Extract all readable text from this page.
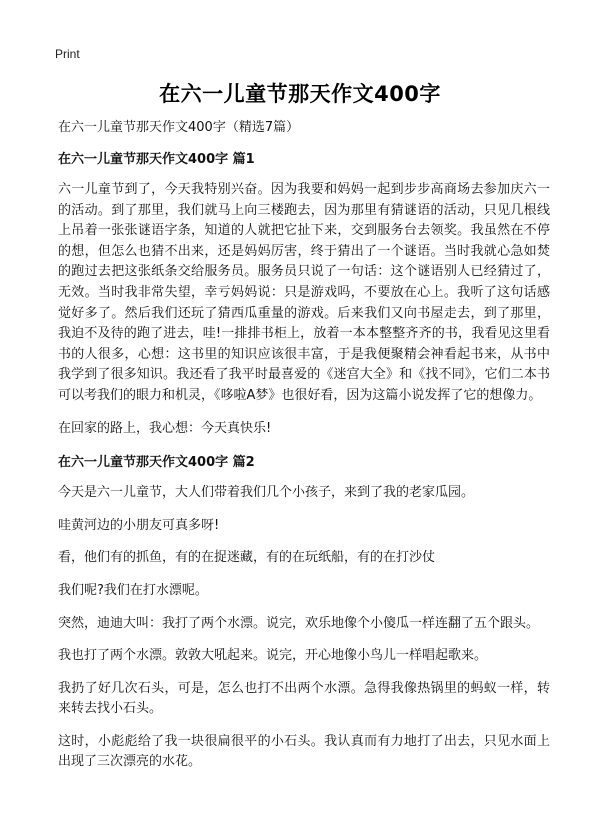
Print
在六一儿童节那天作文400字
在六一儿童节那天作文400字（精选7篇）
在六一儿童节那天作文400字 篇1
六一儿童节到了，今天我特别兴奋。因为我要和妈妈一起到步步高商场去参加庆六一的活动。到了那里，我们就马上向三楼跑去，因为那里有猜谜语的活动，只见几根线上吊着一张张谜语字条，知道的人就把它扯下来，交到服务台去领奖。我虽然在不停的想，但怎么也猜不出来，还是妈妈厉害，终于猜出了一个谜语。当时我就心急如焚的跑过去把这张纸条交给服务员。服务员只说了一句话：这个谜语别人已经猜过了，无效。当时我非常失望，幸亏妈妈说：只是游戏吗，不要放在心上。我听了这句话感觉好多了。然后我们还玩了猜西瓜重量的游戏。后来我们又向书屋走去，到了那里，我迫不及待的跑了进去，哇!一排排书柜上，放着一本本整整齐齐的书，我看见这里看书的人很多，心想：这书里的知识应该很丰富，于是我便聚精会神看起书来，从书中我学到了很多知识。我还看了我平时最喜爱的《迷宫大全》和《找不同》，它们二本书可以考我们的眼力和机灵，《哆啦A梦》也很好看，因为这篇小说发挥了它的想像力。
在回家的路上，我心想：今天真快乐!
在六一儿童节那天作文400字 篇2
今天是六一儿童节，大人们带着我们几个小孩子，来到了我的老家瓜园。
哇黄河边的小朋友可真多呀!
看，他们有的抓鱼，有的在捉迷藏，有的在玩纸船，有的在打沙仗
我们呢?我们在打水漂呢。
突然，迪迪大叫：我打了两个水漂。说完，欢乐地像个小傻瓜一样连翻了五个跟头。
我也打了两个水漂。敦敦大吼起来。说完，开心地像小鸟儿一样唱起歌来。
我扔了好几次石头，可是，怎么也打不出两个水漂。急得我像热锅里的蚂蚁一样，转来转去找小石头。
这时，小彪彪给了我一块很扁很平的小石头。我认真而有力地打了出去，只见水面上出现了三次漂亮的水花。
